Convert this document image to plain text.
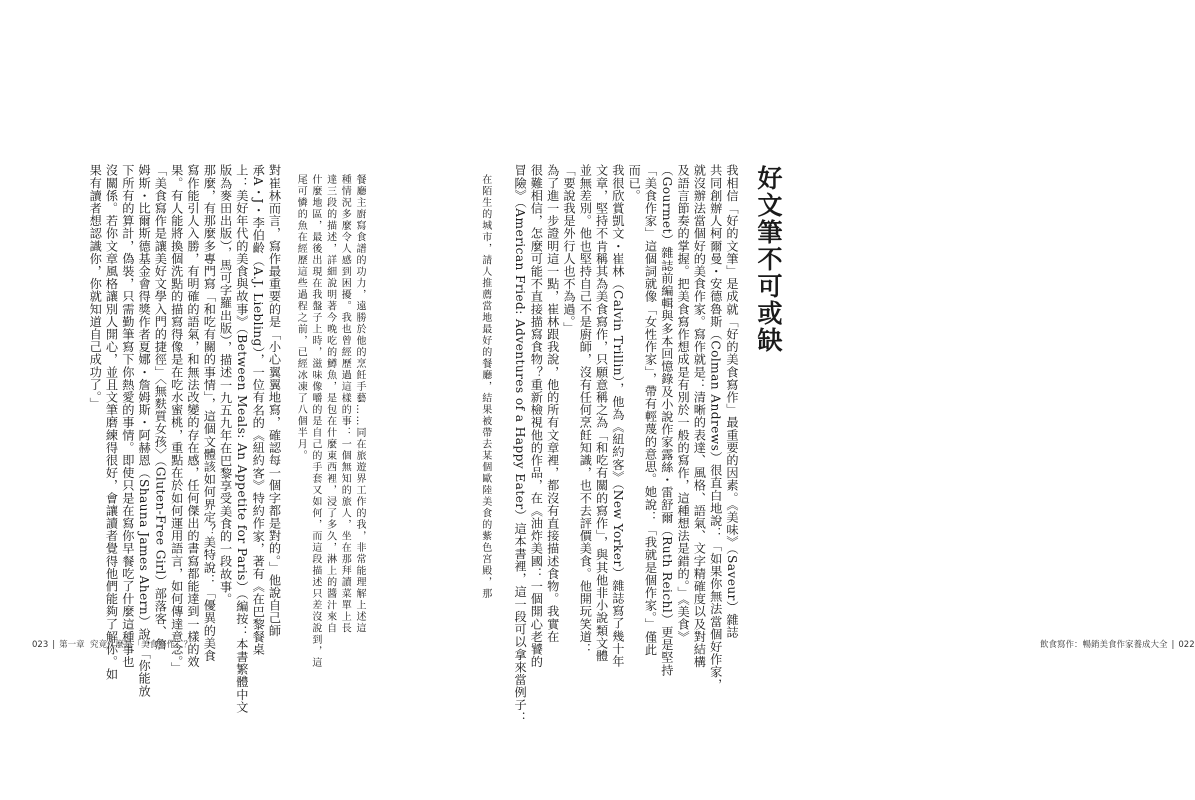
餐廳主廚寫食譜的功力，遠勝於他的烹飪手藝……同在旅遊界工作的我，非常能理解上述這
種情況多麼令人感到困擾。我也曾經歷過這樣的事：一個無知的旅人，坐在那拜讀菜單上長
達三段的描述，詳細說明著今晚吃的鱒魚，是包在什麼東西裡，浸了多久，淋上的醬汁來自
什麼地區，最後出現在我盤子上時，滋味像嚼的是自己的手套又如何，而這段描述只差沒說到，這
尾可憐的魚在經歷這些過程之前，已經冰凍了八個半月。
對崔林而言，寫作最重要的是「小心翼翼地寫，確認每一個字都是對的。」他說自己師
承A・J・李伯齡（A.J. Liebling），一位有名的《紐約客》特約作家，著有《在巴黎餐桌
上：美好年代的美食與故事》（Between Meals: An Appetite for Paris）（編按：本書繁體中文
版為麥田出版），馬可字羅出版），描述一九五九年在巴黎享受美食的一段故事。
那麼，有那麼多專門寫「和吃有關的事情」，這個文體該如何界定？美特說：「優異的美食
寫作能引人入勝，有明確的語氣，和無法改變的存在感，任何傑出的書寫都能達到一樣的效
果。有人能將換個洗點的描寫得像是在吃水蜜桃，重點在於如何運用語言，如何傳達意念。」
「美食寫作是讓美好文學入門的捷徑」〈無麩質女孩〉（Gluten-Free Girl）部落客、詹
姆斯・比爾斯德基金會得獎作者夏娜・詹姆斯・阿赫恩（Shauna James Ahern）說，「你能放
下所有的算計，偽裝，只需勤筆寫下你熱愛的事情。即使只是在寫你早餐吃了什麼這種事也
沒關係。若你文章風格讓別人開心，並且文筆磨練得很好，會讓讀者覺得他們能夠了解你。如
果有讀者想認識你，你就知道自己成功了。」
023 | 第一章 究竟什麼是「美食寫作」？
我相信「好的文筆」是成就「好的美食寫作」最重要的因素。《美味》（Saveur）雜誌
共同創辦人柯爾曼・安德魯斯（Colman Andrews）很直白地說：「如果你無法當個好作家，
就沒辦法當個好的美食作家。寫作就是：清晰的表達、風格、語氣、文字精確度以及對結構
及語言節奏的掌握。把美食寫作想成是有別於一般的寫作，這種想法是錯的。」《美食》
（Gourmet）雜誌前編輯與多本回憶錄及小說作家露絲・雷舒爾（Ruth Reichl）更是堅持
「美食作家」這個詞就像「女性作家」，帶有輕蔑的意思。她說：「我就是個作家。」僅此
而已。
我很欣賞凱文・崔林（Calvin Trillin），他為《紐約客》（New Yorker）雜誌寫了幾十年
文章，堅持不肯稱其為美食寫作，只願意稱之為「和吃有關的寫作」，與其他非小說類文體
並無差別。他也堅持自己不是廚師，沒有任何烹飪知識，也不去評價美食。他開玩笑道：
「要說我是外行人也不為過。」
為了進一步證明這一點，崔林跟我說，他的所有文章裡，都沒有直接描述食物。我實在
很難相信，怎麼可能不直接描寫食物？重新檢視他的作品，在《油炸美國：一個開心老饕的
冒險》（American Fried: Adventures of a Happy Eater）這本書裡，這一段可以拿來當例子：
在陌生的城市，請人推薦當地最好的餐廳，結果被帶去某個歐陸美食的紫色宮殿，那
飲食寫作：暢銷美食作家養成大全 | 022
好文筆不可或缺
